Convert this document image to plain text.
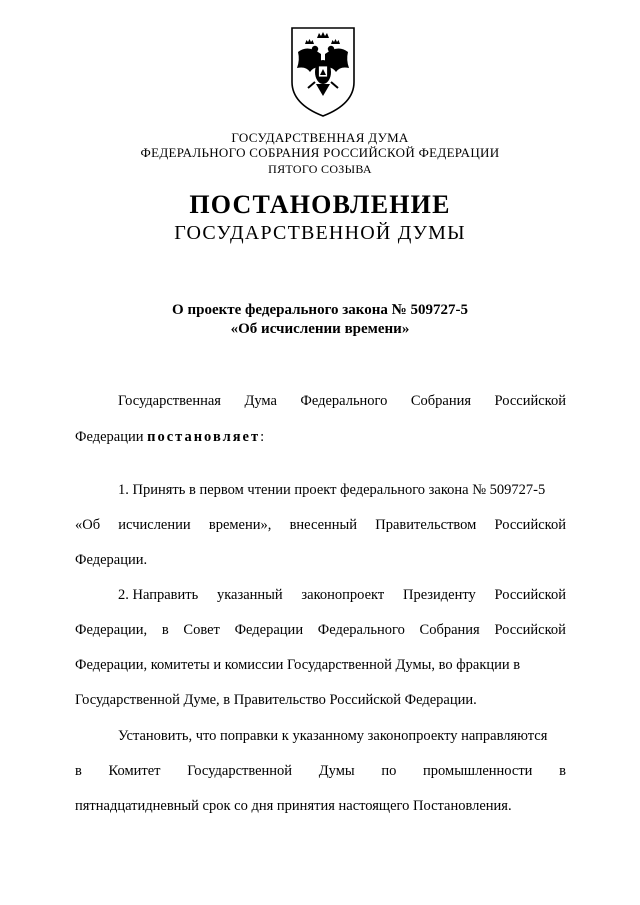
ГОСУДАРСТВЕННАЯ ДУМА
ФЕДЕРАЛЬНОГО СОБРАНИЯ РОССИЙСКОЙ ФЕДЕРАЦИИ
ПЯТОГО СОЗЫВА
ПОСТАНОВЛЕНИЕ
ГОСУДАРСТВЕННОЙ ДУМЫ
О проекте федерального закона № 509727-5
«Об исчислении времени»
Государственная Дума Федерального Собрания Российской
Федерации постановляет:
1. Принять в первом чтении проект федерального закона № 509727-5
«Об исчислении времени», внесенный Правительством Российской
Федерации.
2. Направить указанный законопроект Президенту Российской
Федерации, в Совет Федерации Федерального Собрания Российской
Федерации, комитеты и комиссии Государственной Думы, во фракции в
Государственной Думе, в Правительство Российской Федерации.
Установить, что поправки к указанному законопроекту направляются
в Комитет Государственной Думы по промышленности в
пятнадцатидневный срок со дня принятия настоящего Постановления.
